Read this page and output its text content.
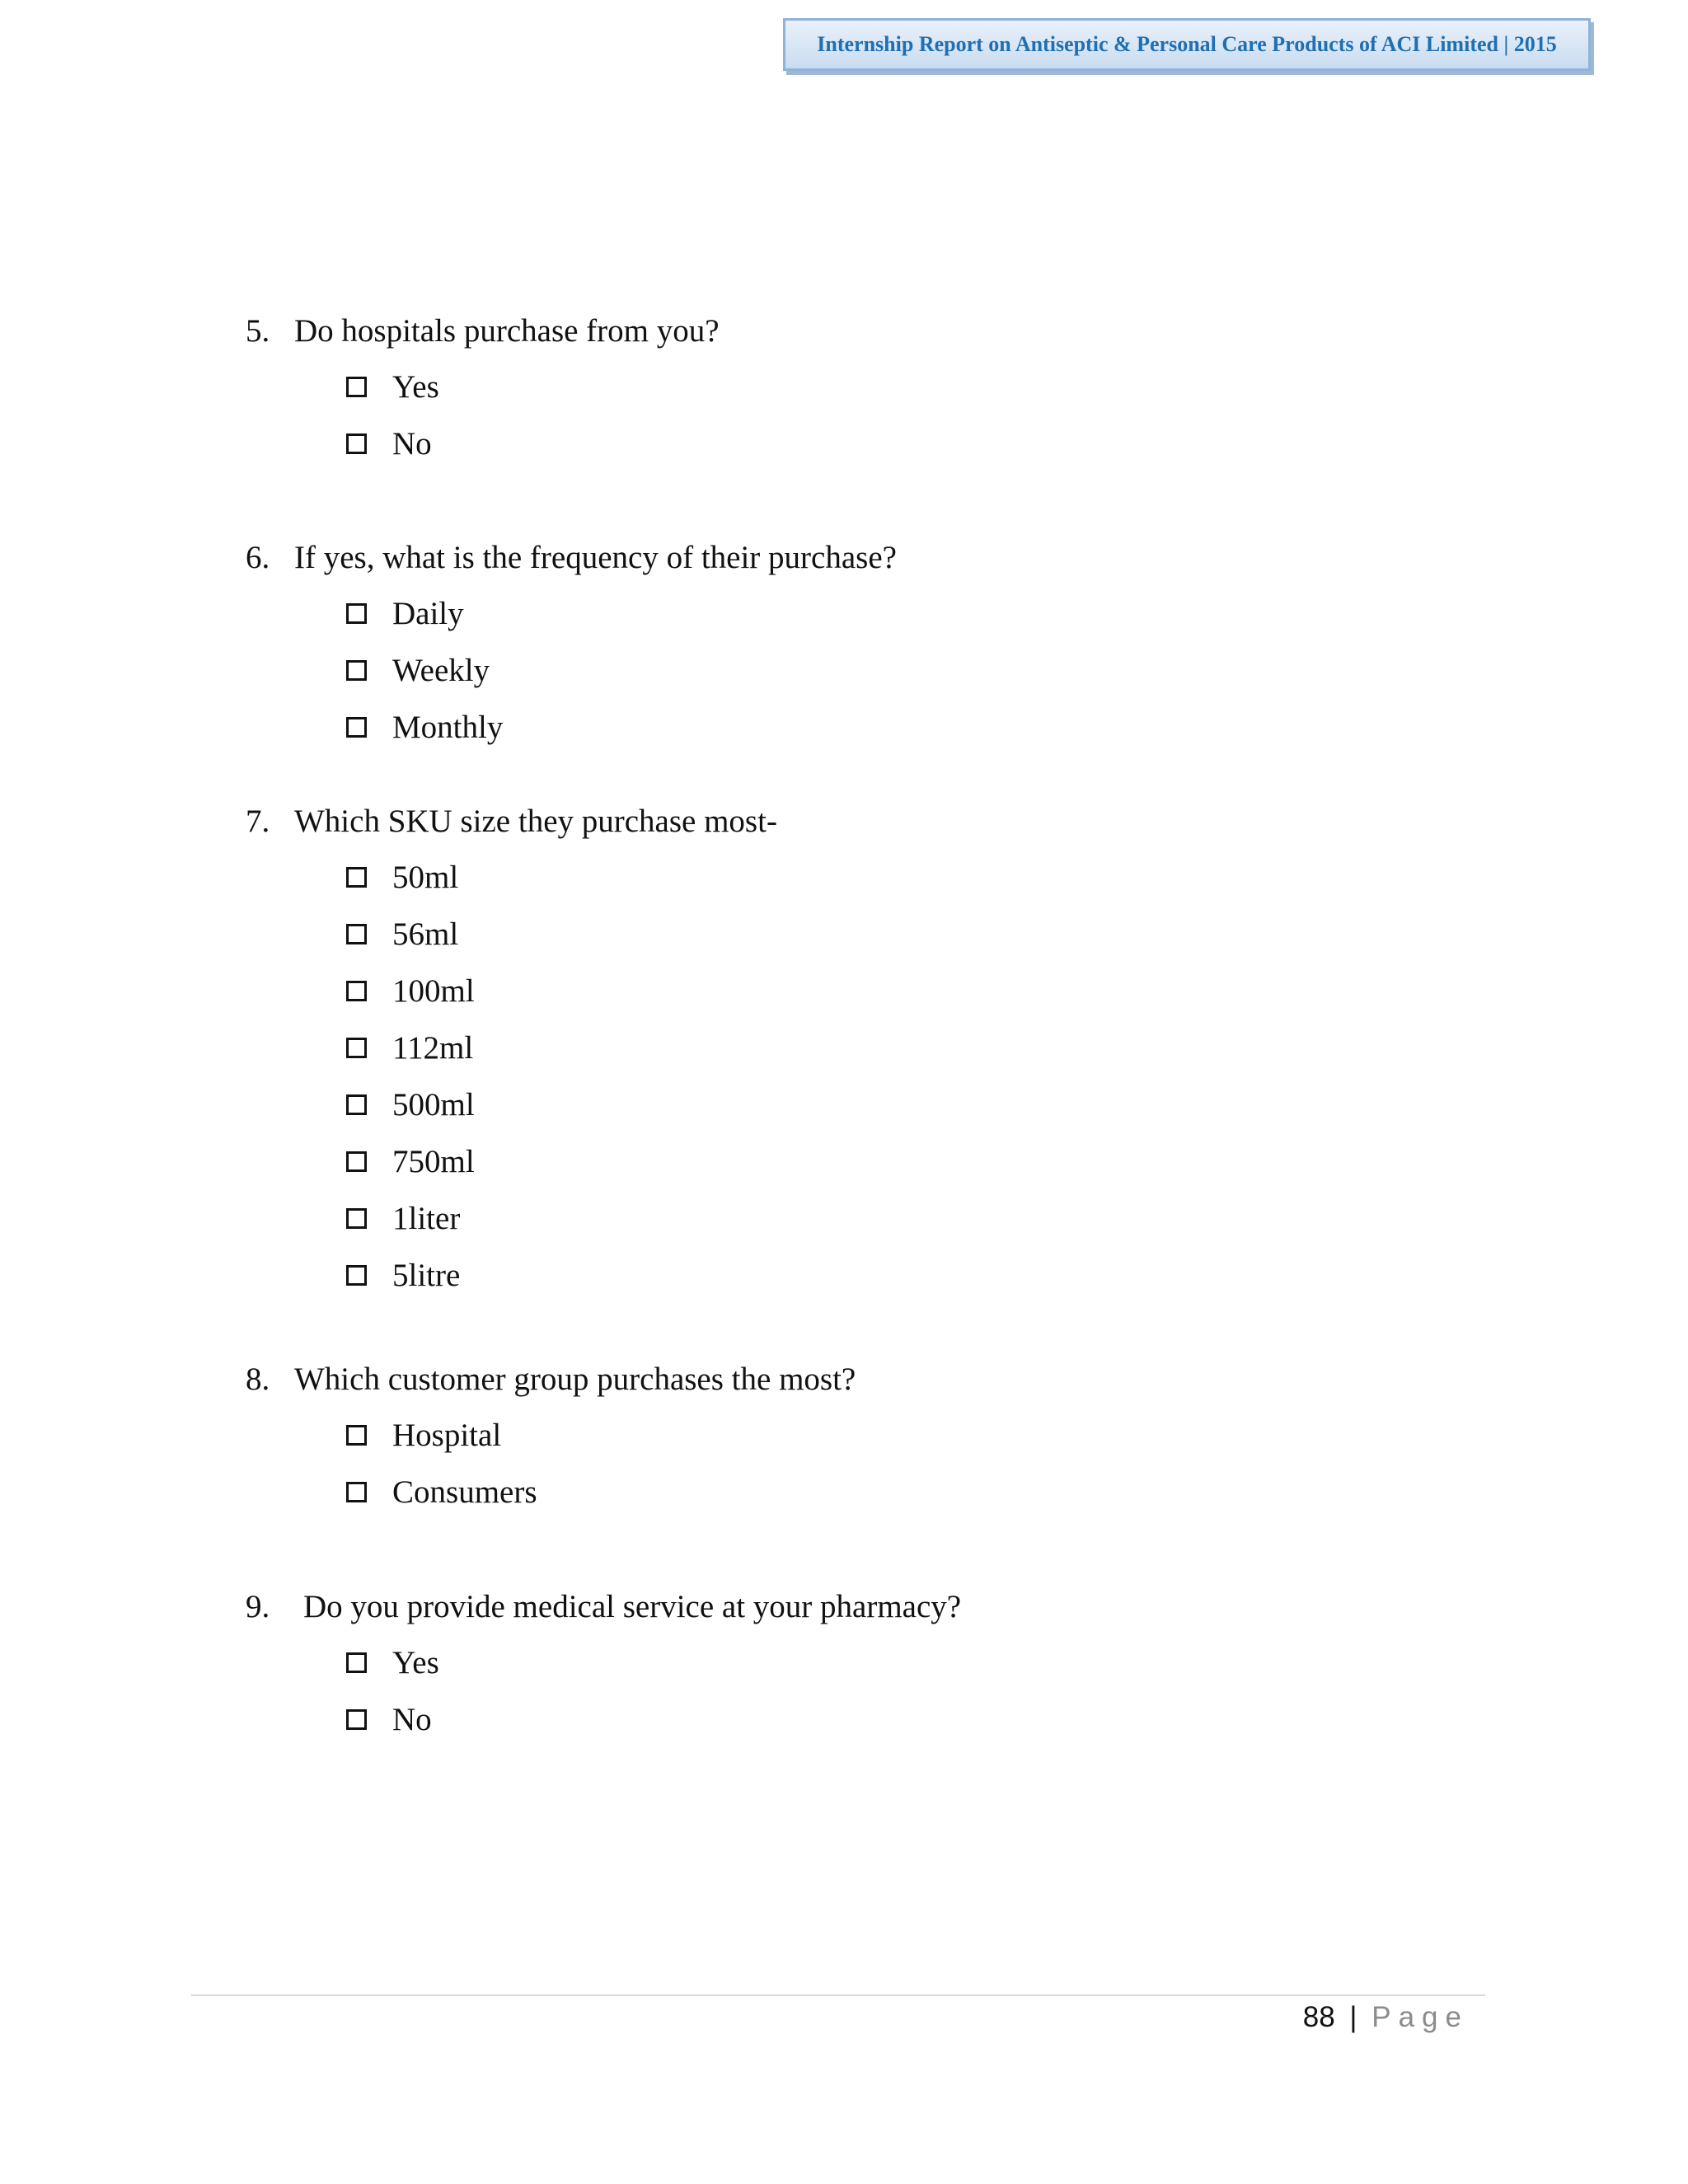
Internship Report on Antiseptic & Personal Care Products of ACI Limited | 2015
5. Do hospitals purchase from you?
Yes
No
6. If yes, what is the frequency of their purchase?
Daily
Weekly
Monthly
7. Which SKU size they purchase most-
50ml
56ml
100ml
112ml
500ml
750ml
1liter
5litre
8. Which customer group purchases the most?
Hospital
Consumers
9. Do you provide medical service at your pharmacy?
Yes
No
88 | Page
